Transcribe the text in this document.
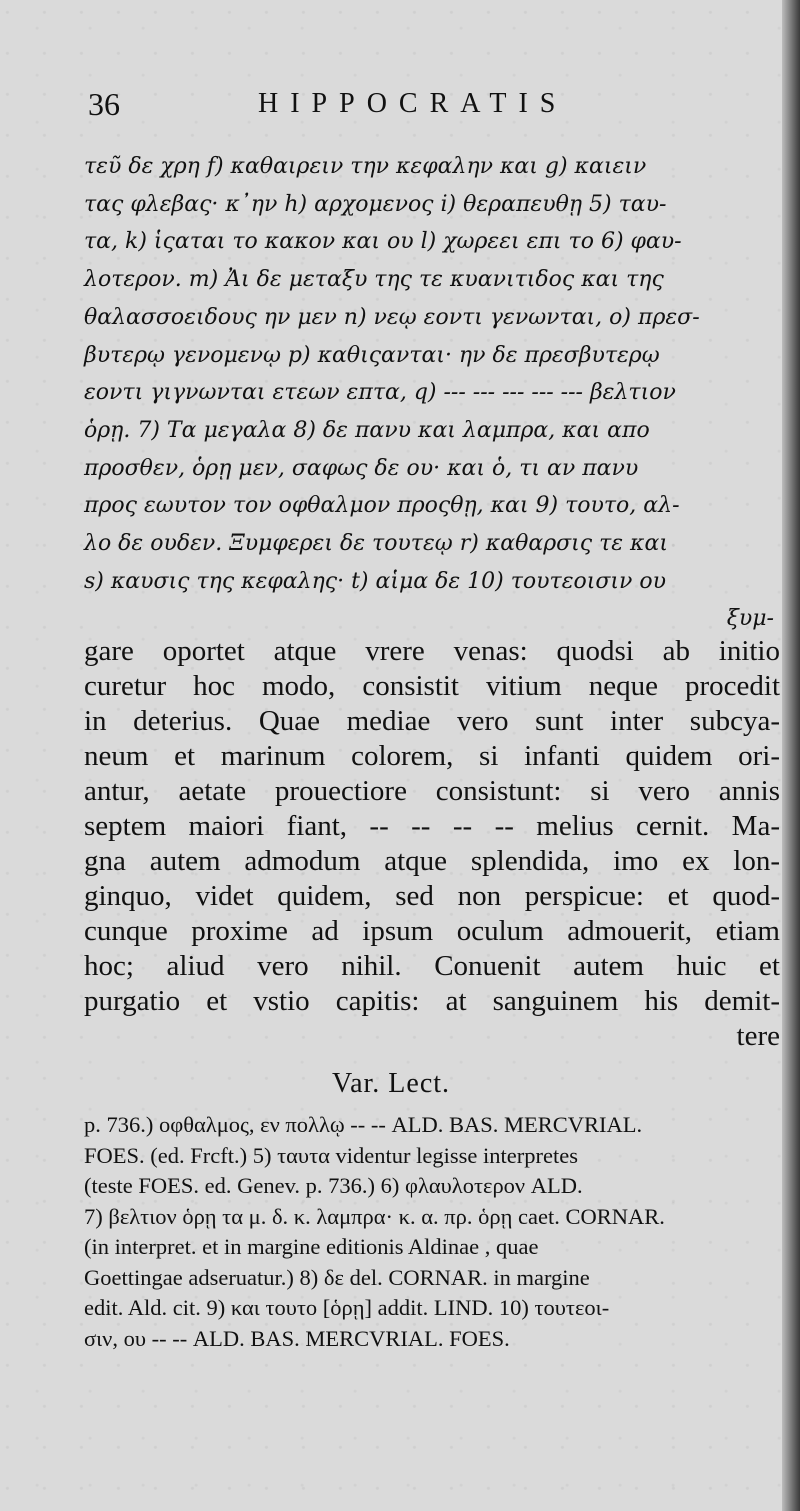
36	HIPPOCRATIS
τεῦ δε χρη f) καθαιρειν την κεφαλην και g) καιειν
τας φλεβας· κ᾿ην h) αρχομενος i) θεραπευθῃ 5) ταυ-
τα, k) ἱςαται το κακον και ου l) χωρεει επι το 6) φαυ-
λοτερον. m) Ἀι δε μεταξυ της τε κυανιτιδος και της
θαλασσοειδους ην μεν n) νεῳ εοντι γενωνται, o) πρεσ-
βυτερῳ γενομενῳ p) καθιςανται· ην δε πρεσβυτερῳ
εοντι γιγνωνται ετεων επτα, q) --- --- --- --- --- βελτιον
ὁρῃ. 7) Τα μεγαλα 8) δε πανυ και λαμπρα, και απο
προσθεν, ὁρῃ μεν, σαφως δε ου· και ὁ, τι αν πανυ
προς εωυτον τον οφθαλμον προςθῃ, και 9) τουτο, αλ-
λο δε ουδεν. Ξυμφερει δε τουτεῳ r) καθαρσις τε και
s) καυσις της κεφαλης· t) αἱμα δε 10) τουτεοισιν ου
ξυμ-
gare oportet atque vrere venas: quodsi ab initio
curetur hoc modo, consistit vitium neque procedit
in deterius. Quae mediae vero sunt inter subcya-
neum et marinum colorem, si infanti quidem ori-
antur, aetate prouectiore consistunt: si vero annis
septem maiori fiant, -- -- -- -- melius cernit. Ma-
gna autem admodum atque splendida, imo ex lon-
ginquo, videt quidem, sed non perspicue: et quod-
cunque proxime ad ipsum oculum admouerit, etiam
hoc; aliud vero nihil. Conuenit autem huic et
purgatio et vstio capitis: at sanguinem his demit-
tere
Var. Lect.
p. 736.) οφθαλμος, εν πολλῳ -- -- ALD. BAS. MERCVRIAL.
FOES. (ed. Frcft.) 5) ταυτα videntur legisse interpretes
(teste FOES. ed. Genev. p. 736.) 6) φλαυλοτερον ALD.
7) βελτιον ὁρῃ τα μ. δ. κ. λαμπρα· κ. α. πρ. ὁρῃ caet. CORNAR.
(in interpret. et in margine editionis Aldinae , quae
Goettingae adseruatur.) 8) δε del. CORNAR. in margine
edit. Ald. cit. 9) και τουτο [ὁρῃ] addit. LIND. 10) τουτεοι-
σιν, ου -- -- ALD. BAS. MERCVRIAL. FOES.
